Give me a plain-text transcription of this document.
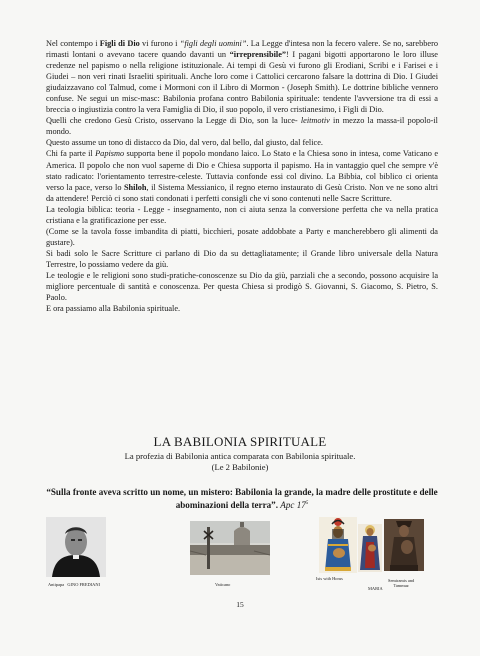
Nel contempo i Figli di Dio vi furono i “figli degli uomini”. La Legge d'intesa non la fecero valere. Se no, sarebbero rimasti lontani o avevano tacere quando davanti un “irreprensibile”! I pagani bigotti apportarono le loro illuse credenze nel papismo o nella religione istituzionale. Ai tempi di Gesù vi furono gli Erodiani, Scribi e i Farisei e i Giudei – non veri rinati Israeliti spirituali. Anche loro come i Cattolici cercarono falsare la dottrina di Dio. I Giudei giudaizzavano col Talmud, come i Mormoni con il Libro di Mormon - (Joseph Smith). Le dottrine bibliche vennero confuse. Ne segui un misc-masc: Babilonia profana contro Babilonia spirituale: tendente l'avversione tra di essi a breccia o ingiustizia contro la vera Famiglia di Dio, il suo popolo, il vero cristianesimo, i Figli di Dio.

Quelli che credono Gesù Cristo, osservano la Legge di Dio, son la luce- leitmotiv in mezzo la massa-il popolo-il mondo.

Questo assume un tono di distacco da Dio, dal vero, dal bello, dal giusto, dal felice.

Chi fa parte il Papismo supporta bene il popolo mondano laico. Lo Stato e la Chiesa sono in intesa, come Vaticano e America. Il popolo che non vuol saperne di Dio e Chiesa supporta il papismo. Ha in vantaggio quel che sempre v'è stato radicato: l'orientamento terrestre-celeste. Tuttavia confonde essi col divino. La Bibbia, col biblico ci orienta verso la pace, verso lo Shiloh, il Sistema Messianico, il regno eterno instaurato di Gesù Cristo. Non ve ne sono altri da attendere! Perciò ci sono stati condonati i perfetti consigli che vi sono contenuti nelle Sacre Scritture.

La teologia biblica: teoria - Legge - insegnamento, non ci aiuta senza la conversione perfetta che va nella pratica cristiana e la gratificazione per esse.

(Come se la tavola fosse imbandita di piatti, bicchieri, posate addobbate a Party e mancherebbero gli alimenti da gustare).

Si badi solo le Sacre Scritture ci parlano di Dio da su dettagliatamente; il Grande libro universale della Natura Terrestre, lo possiamo vedere da giù.

Le teologie e le religioni sono studi-pratiche-conoscenze su Dio da giù, parziali che a secondo, possono acquisire la migliore percentuale di santità e conoscenza. Per questa Chiesa si prodigò S. Giovanni, S. Giacomo, S. Pietro, S. Paolo.

E ora passiamo alla Babilonia spirituale.

LA BABILONIA SPIRITUALE
La profezia di Babilonia antica comparata con Babilonia spirituale.
(Le 2 Babilonie)
“Sulla fronte aveva scritto un nome, un mistero: Babilonia la grande, la madre delle prostitute e delle abominazioni della terra”. Apc $17^5$
Antipapa GINO FREDIANI	Vaticano
Isis with Horus
MARIA
Semiramis and
Tammuz
15
